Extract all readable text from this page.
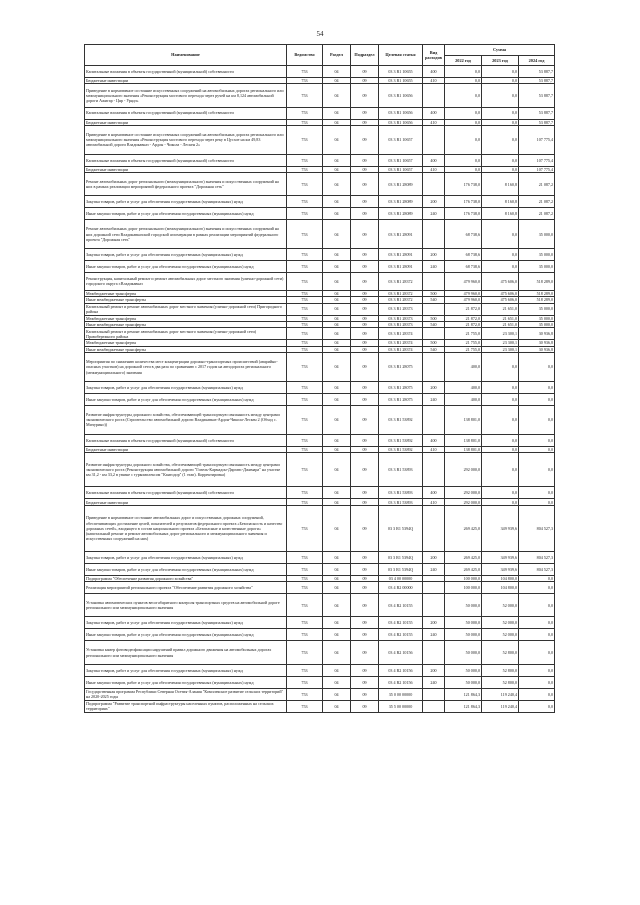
54
Наименование	Ведомство	Раздел	Подраздел	Целевая статья	Вид расходов	Сумма		
						2022 год	2023 год	2024 год
Капитальные вложения в объекты государственной (муниципальной) собственности	753	04	09	03 3 R1 10655	400	0,0	0,0	53 887,7
Бюджетные инвестиции	753	04	09	03 3 R1 10655	410	0,0	0,0	53 887,7
Приведение в нормативное состояние искусственных сооружений на автомобильных дорогах регионального или межмуниципального значения «Реконструкция мостового перехода через ручей на км 8,124 автомобильной дороги Ажигар - Цяр - Урядз»	753	04	09	03 3 R1 10656		0,0	0,0	53 887,7
Капитальные вложения в объекты государственной (муниципальной) собственности	753	04	09	03 3 R1 10656	400	0,0	0,0	53 887,7
Бюджетные инвестиции	753	04	09	03 3 R1 10656	410	0,0	0,0	53 887,7
Приведение в нормативное состояние искусственных сооружений на автомобильных дорогах регионального или межмуниципального значения «Реконструкция мостового перехода через реку в Цусхое на км 49,83 автомобильной дороги Владикавказ - Ардон - Чикола - Лескен 2»	753	04	09	03 3 R1 10657		0,0	0,0	107 775,4
Капитальные вложения в объекты государственной (муниципальной) собственности	753	04	09	03 3 R1 10657	400	0,0	0,0	107 775,4
Бюджетные инвестиции	753	04	09	03 3 R1 10657	410	0,0	0,0	107 775,4
Ремонт автомобильных дорог регионального (межмуниципального) значения и искусственных сооружений на них в рамках реализации мероприятий федерального проекта "Дорожная сеть"	753	04	09	03 3 R1 28089		176 738,0	8 160,8	21 087,2
Закупка товаров, работ и услуг для обеспечения государственных (муниципальных) нужд	753	04	09	03 3 R1 28089	200	176 738,0	8 160,8	21 087,2
Иные закупки товаров, работ и услуг для обеспечения государственных (муниципальных) нужд	753	04	09	03 3 R1 28089	240	176 738,0	8 160,8	21 087,2
Ремонт автомобильных дорог регионального (межмуниципального) значения и искусственных сооружений на них дорожной сети Владикавказской городской агломерации в рамках реализации мероприятий федерального проекта "Дорожная сеть"	753	04	09	03 3 R1 28091		68 738,6	0,0	35 000,0
Закупка товаров, работ и услуг для обеспечения государственных (муниципальных) нужд	753	04	09	03 3 R1 28091	200	68 738,6	0,0	35 000,0
Иные закупки товаров, работ и услуг для обеспечения государственных (муниципальных) нужд	753	04	09	03 3 R1 28091	240	68 738,6	0,0	35 000,0
Реконструкция, капитальный ремонт и ремонт автомобильных дорог местного значения (улично-дорожной сети) городского округа г.Владикавказ	753	04	09	03 3 R1 28372		479 960,0	475 606,0	518 289,0
Межбюджетные трансферты	753	04	09	03 3 R1 28372	500	479 960,0	475 606,0	518 289,0
Иные межбюджетные трансферты	753	04	09	03 3 R1 28372	540	479 960,0	475 606,0	518 289,0
Капитальный ремонт и ремонт автомобильных дорог местного значения (улично-дорожной сети) Пригородного района	753	04	09	03 3 R1 28373		21 872,0	21 651,0	35 000,0
Межбюджетные трансферты	753	04	09	03 3 R1 28373	500	21 872,0	21 651,0	35 000,0
Иные межбюджетные трансферты	753	04	09	03 3 R1 28373	540	21 872,0	21 651,0	35 000,0
Капитальный ремонт и ремонт автомобильных дорог местного значения (улично-дорожной сети) Правобережного района	753	04	09	03 3 R1 28374		21 755,0	23 300,1	30 936,8
Межбюджетные трансферты	753	04	09	03 3 R1 28374	500	21 755,0	23 300,1	30 936,8
Иные межбюджетные трансферты	753	04	09	03 3 R1 28374	540	21 755,0	23 300,1	30 936,8
Мероприятия по снижению количества мест концентрации дорожно-транспортных происшествий (аварийно-опасных участков) на дорожной сети в два раза по сравнению с 2017 годом на автодорогах регионального (межмуниципального) значения	753	04	09	03 3 R1 28075		400,0	0,0	0,0
Закупка товаров, работ и услуг для обеспечения государственных (муниципальных) нужд	753	04	09	03 3 R1 28075	200	400,0	0,0	0,0
Иные закупки товаров, работ и услуг для обеспечения государственных (муниципальных) нужд	753	04	09	03 3 R1 28075	240	400,0	0,0	0,0
Развитие инфраструктуры дорожного хозяйства, обеспечивающей транспортную связанность между центрами экономического роста (Строительство автомобильной дороги Владикавказ-Ардон-Чикола-Лескен 2 (Обход с. Мичурино))	753	04	09	03 3 R1 53892		138 801,0	0,0	0,0
Капитальные вложения в объекты государственной (муниципальной) собственности	753	04	09	03 3 R1 53892	400	138 801,0	0,0	0,0
Бюджетные инвестиции	753	04	09	03 3 R1 53892	410	138 801,0	0,0	0,0
Развитие инфраструктуры дорожного хозяйства, обеспечивающей транспортную связанность между центрами экономического роста (Реконструкция автомобильной дороги "Гизель-Кармадон-Даргавс-Джимара" на участке км 31,2 - км 33,2 в увязке с туркомплексом "Кантодор" (1 этап). Корректировка)	753	04	09	03 3 R1 53893		292 000,0	0,0	0,0
Капитальные вложения в объекты государственной (муниципальной) собственности	753	04	09	03 3 R1 53893	400	292 000,0	0,0	0,0
Бюджетные инвестиции	753	04	09	03 3 R1 53893	410	292 000,0	0,0	0,0
Приведение в нормативное состояние автомобильных дорог и искусственных дорожных сооружений, обеспечивающих достижение целей, показателей и результатов федерального проекта «Безопасность и качество дорожных сетей», входящего в состав национального проекта «Безопасные и качественные дороги» (капитальный ремонт и ремонт автомобильных дорог регионального и межмуниципального значения и искусственных сооружений на них)	753	04	09	03 3 R1 5394Q		269 425,0	349 939,6	804 527,3
Закупка товаров, работ и услуг для обеспечения государственных (муниципальных) нужд	753	04	09	03 3 R1 5394Q	200	269 425,0	349 939,6	804 527,3
Иные закупки товаров, работ и услуг для обеспечения государственных (муниципальных) нужд	753	04	09	03 3 R1 5394Q	240	269 425,0	349 939,6	804 527,3
Подпрограмма "Обеспечение развития дорожного хозяйства"	753	04	09	03 4 00 00000		100 000,0	104 800,0	0,0
Реализация мероприятий регионального проекта "Обеспечение развития дорожного хозяйства"	753	04	09	03 4 R2 00000		100 000,0	104 800,0	0,0
Установка автоматических пунктов весогабаритного контроля транспортных средств на автомобильной дороге регионального или межмуниципального значения	753	04	09	03 4 R2 10155		50 000,0	52 000,0	0,0
Закупка товаров, работ и услуг для обеспечения государственных (муниципальных) нужд	753	04	09	03 4 R2 10155	200	50 000,0	52 000,0	0,0
Иные закупки товаров, работ и услуг для обеспечения государственных (муниципальных) нужд	753	04	09	03 4 R2 10155	240	50 000,0	52 000,0	0,0
Установка камер фотовидеофиксации нарушений правил дорожного движения на автомобильных дорогах регионального или межмуниципального значения	753	04	09	03 4 R2 10156		50 000,0	52 800,0	0,0
Закупка товаров, работ и услуг для обеспечения государственных (муниципальных) нужд	753	04	09	03 4 R2 10156	200	50 000,0	52 800,0	0,0
Иные закупки товаров, работ и услуг для обеспечения государственных (муниципальных) нужд	753	04	09	03 4 R2 10156	240	50 000,0	52 800,0	0,0
Государственная программа Республики Северная Осетия-Алания "Комплексное развитие сельских территорий" на 2020-2025 годы	753	04	09	35 0 00 00000		121 864,3	119 240,4	0,0
Подпрограмма "Развитие транспортной инфраструктуры населенных пунктов, расположенных на сельских территориях"	753	04	09	35 5 00 00000		121 864,3	119 240,4	0,0
